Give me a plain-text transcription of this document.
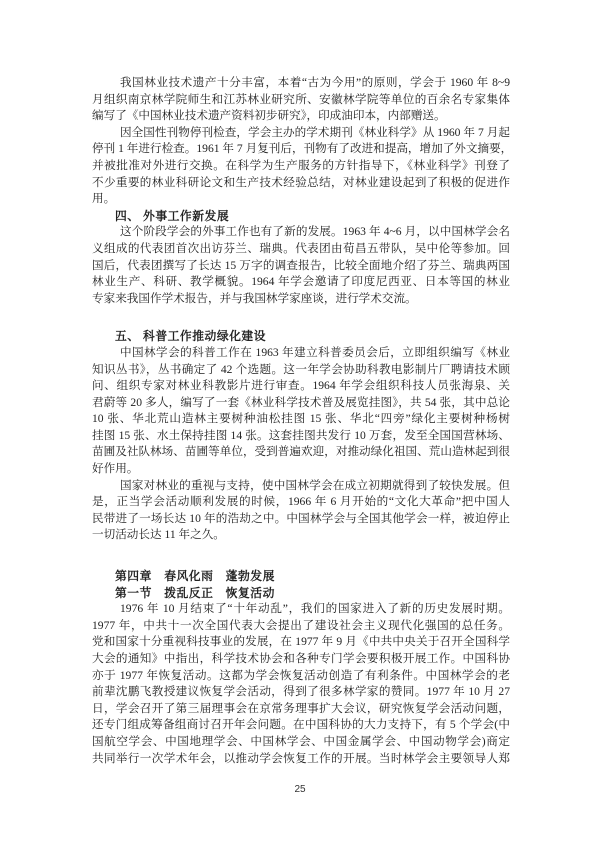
我国林业技术遗产十分丰富，本着“古为今用”的原则，学会于 1960 年 8~9
月组织南京林学院师生和江苏林业研究所、安徽林学院等单位的百余名专家集体
编写了《中国林业技术遗产资料初步研究》，印成油印本，内部赠送。
因全国性刊物停刊检查，学会主办的学术期刊《林业科学》从 1960 年 7 月起
停刊 1 年进行检查。1961 年 7 月复刊后，刊物有了改进和提高，增加了外文摘要，
并被批准对外进行交换。在科学为生产服务的方针指导下，《林业科学》刊登了
不少重要的林业科研论文和生产技术经验总结，对林业建设起到了积极的促进作
用。
四、 外事工作新发展
这个阶段学会的外事工作也有了新的发展。1963 年 4~6 月，以中国林学会名
义组成的代表团首次出访芬兰、瑞典。代表团由荀昌五带队，吴中伦等参加。回
国后，代表团撰写了长达 15 万字的调查报告，比较全面地介绍了芬兰、瑞典两国
林业生产、科研、教学概貌。1964 年学会邀请了印度尼西亚、日本等国的林业
专家来我国作学术报告，并与我国林学家座谈，进行学术交流。
五、 科普工作推动绿化建设
中国林学会的科普工作在 1963 年建立科普委员会后，立即组织编写《林业
知识丛书》，丛书确定了 42 个选题。这一年学会协助科教电影制片厂聘请技术顾
问、组织专家对林业科教影片进行审查。1964 年学会组织科技人员张海泉、关
君蔚等 20 多人，编写了一套《林业科学技术普及展览挂图》，共 54 张，其中总论
10 张、华北荒山造林主要树种油松挂图 15 张、华北“四旁”绿化主要树种杨树
挂图 15 张、水土保持挂图 14 张。这套挂图共发行 10 万套，发至全国国营林场、
苗圃及社队林场、苗圃等单位，受到普遍欢迎，对推动绿化祖国、荒山造林起到很
好作用。
国家对林业的重视与支持，使中国林学会在成立初期就得到了较快发展。但
是，正当学会活动顺利发展的时候，1966 年 6 月开始的“文化大革命”把中国人
民带进了一场长达 10 年的浩劫之中。中国林学会与全国其他学会一样，被迫停止
一切活动长达 11 年之久。
第四章　春风化雨　蓬勃发展
第一节　拨乱反正　恢复活动
1976 年 10 月结束了“十年动乱”，我们的国家进入了新的历史发展时期。
1977 年，中共十一次全国代表大会提出了建设社会主义现代化强国的总任务。
党和国家十分重视科技事业的发展，在 1977 年 9 月《中共中央关于召开全国科学
大会的通知》中指出，科学技术协会和各种专门学会要积极开展工作。中国科协
亦于 1977 年恢复活动。这都为学会恢复活动创造了有利条件。中国林学会的老
前辈沈鹏飞教授建议恢复学会活动，得到了很多林学家的赞同。1977 年 10 月 27
日，学会召开了第三届理事会在京常务理事扩大会议，研究恢复学会活动问题，
还专门组成筹备组商讨召开年会问题。在中国科协的大力支持下，有 5 个学会(中
国航空学会、中国地理学会、中国林学会、中国金属学会、中国动物学会)商定
共同举行一次学术年会，以推动学会恢复工作的开展。当时林学会主要领导人郑
25
